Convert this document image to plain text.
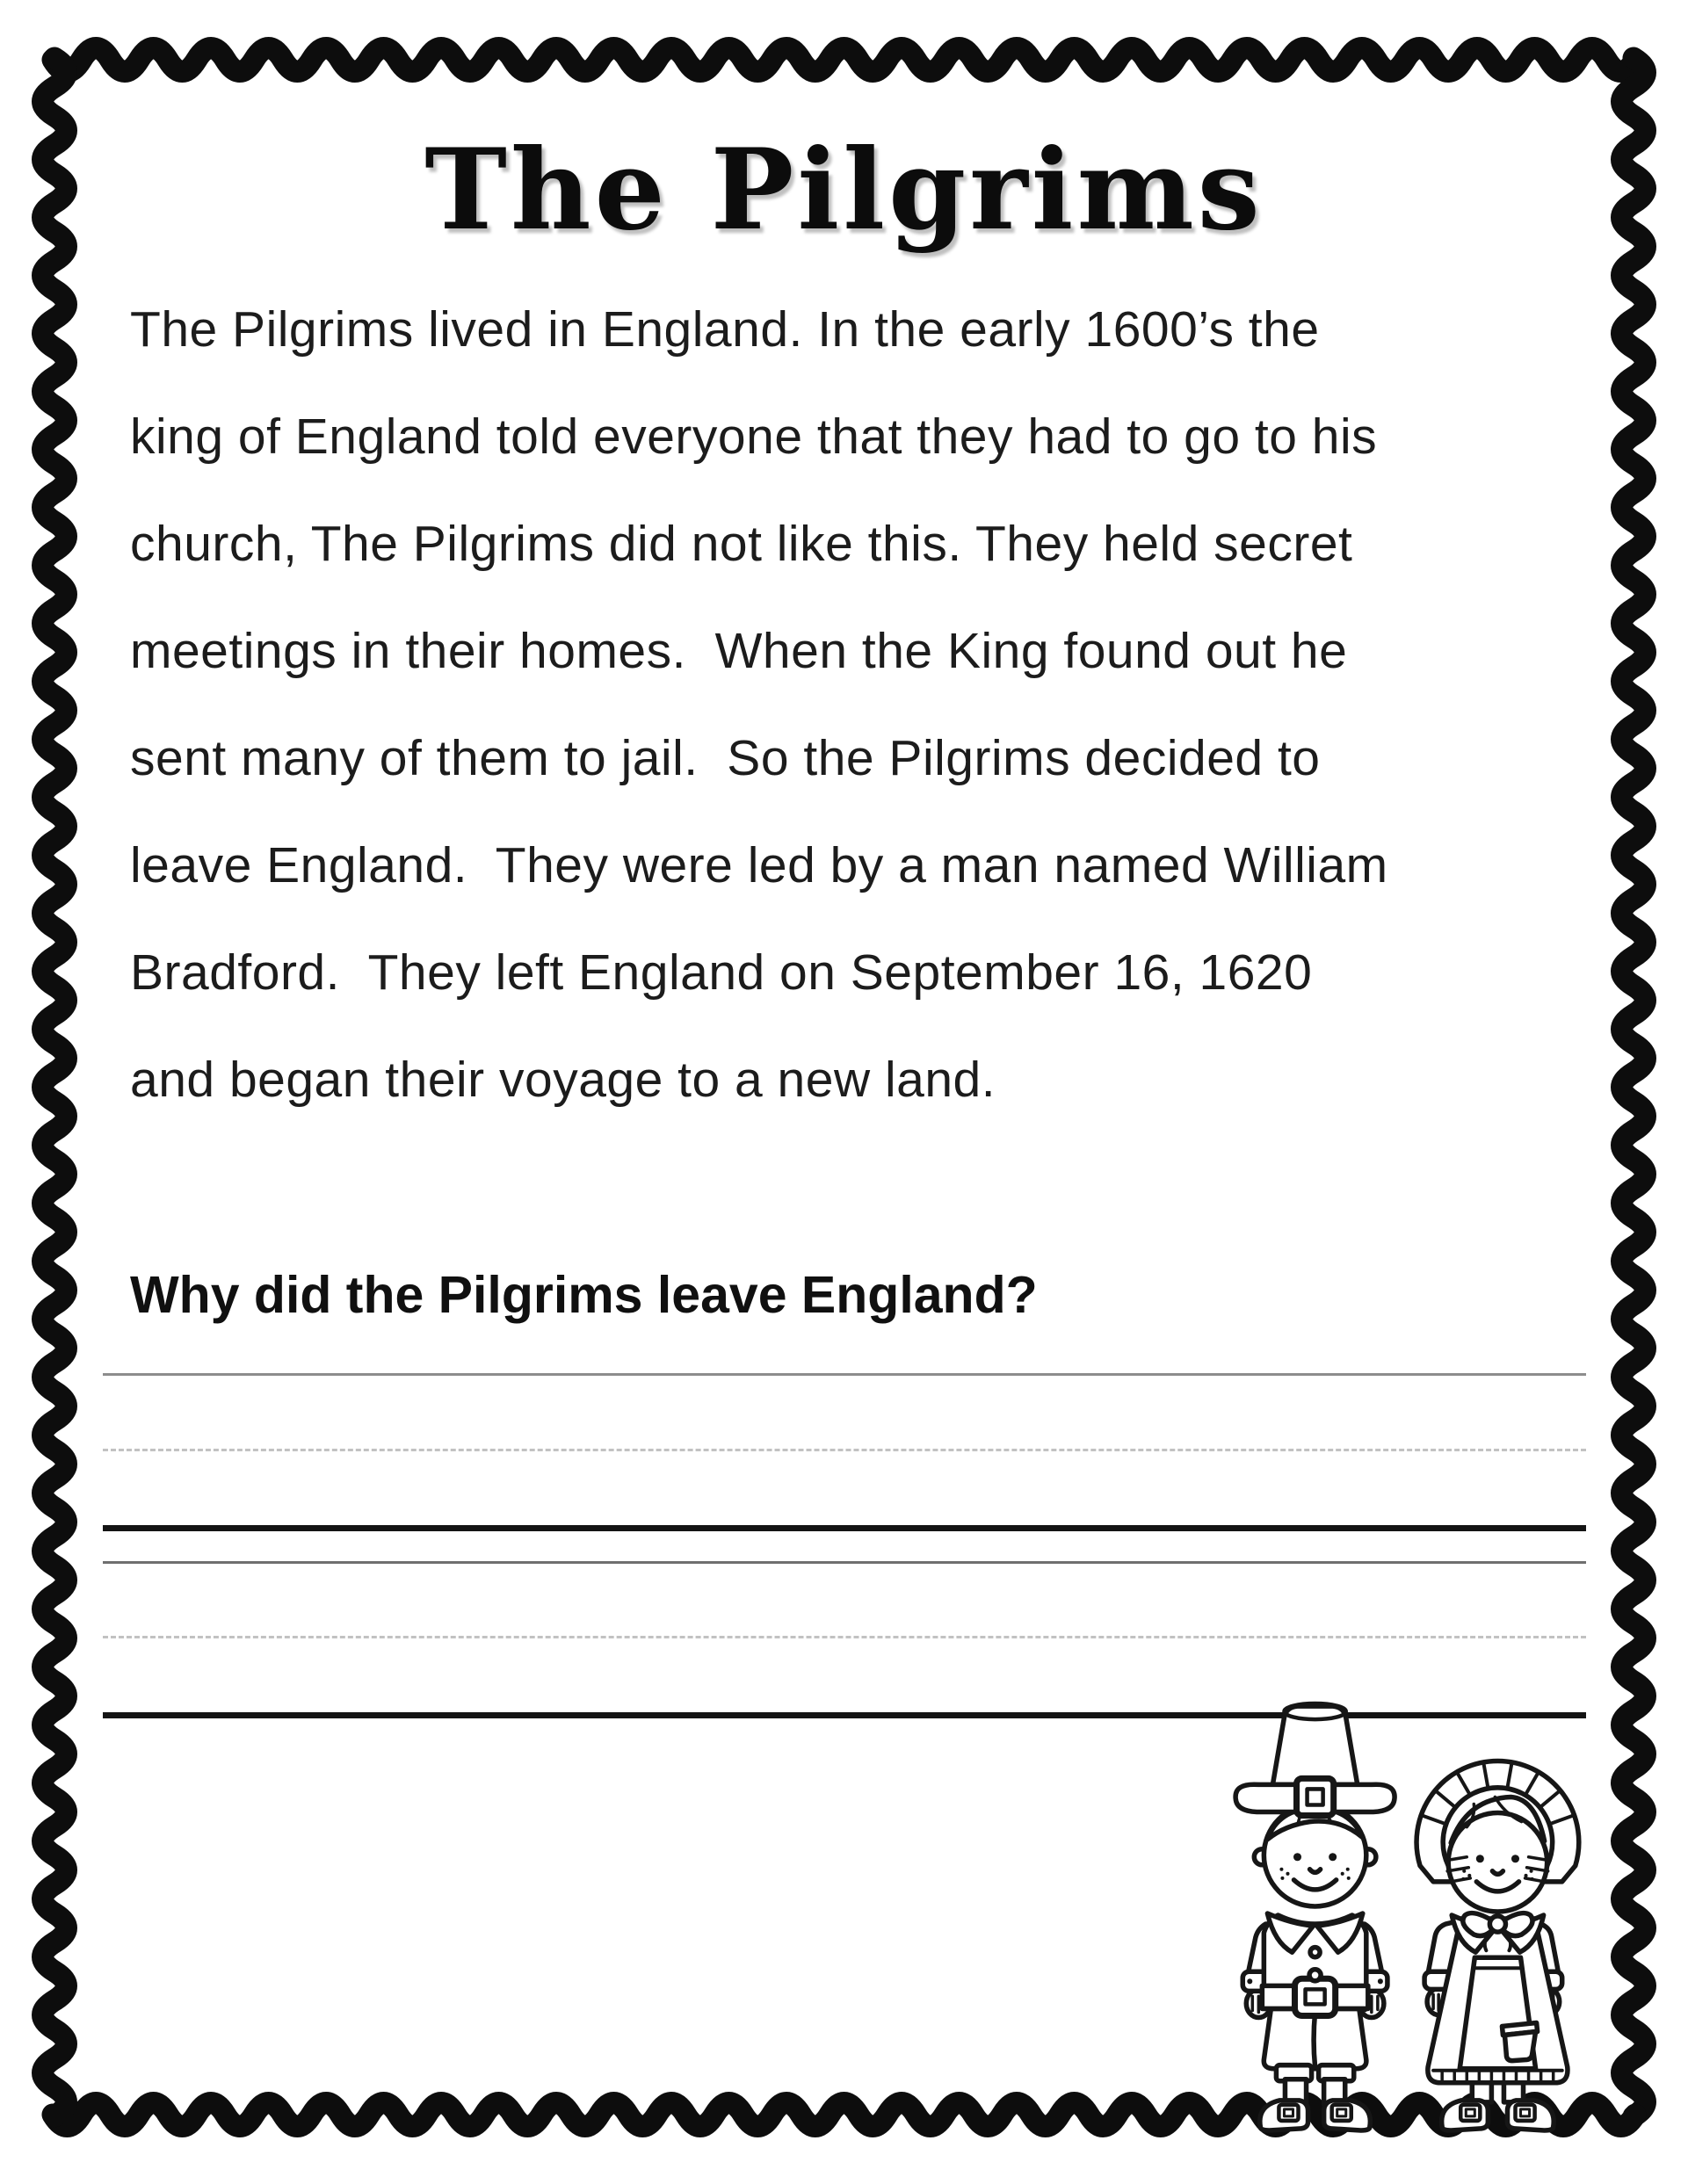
The Pilgrims
The Pilgrims lived in England. In the early 1600’s the
king of England told everyone that they had to go to his
church, The Pilgrims did not like this. They held secret
meetings in their homes.  When the King found out he
sent many of them to jail.  So the Pilgrims decided to
leave England.  They were led by a man named William
Bradford.  They left England on September 16, 1620
and began their voyage to a new land.
Why did the Pilgrims leave England?
